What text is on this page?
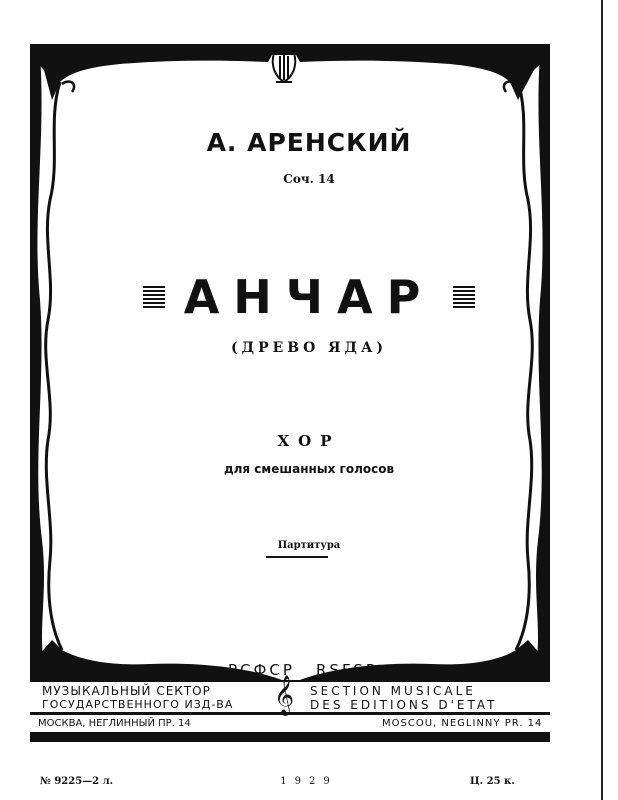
𝄞
А. АРЕНСКИЙ
Соч. 14
АНЧАР
(ДРЕВО ЯДА)
ХОР
для смешанных голосов
Партитура
РСФСР RSFSR
МУЗЫКАЛЬНЫЙ СЕКТОР
ГОСУДАРСТВЕННОГО ИЗД-ВА
SECTION MUSICALE
DES EDITIONS D'ETAT
МОСКВА, НЕГЛИННЫЙ ПР. 14	MOSCOU, NEGLINNY PR. 14
№ 9225—2 л.	1929	Ц. 25 к.
